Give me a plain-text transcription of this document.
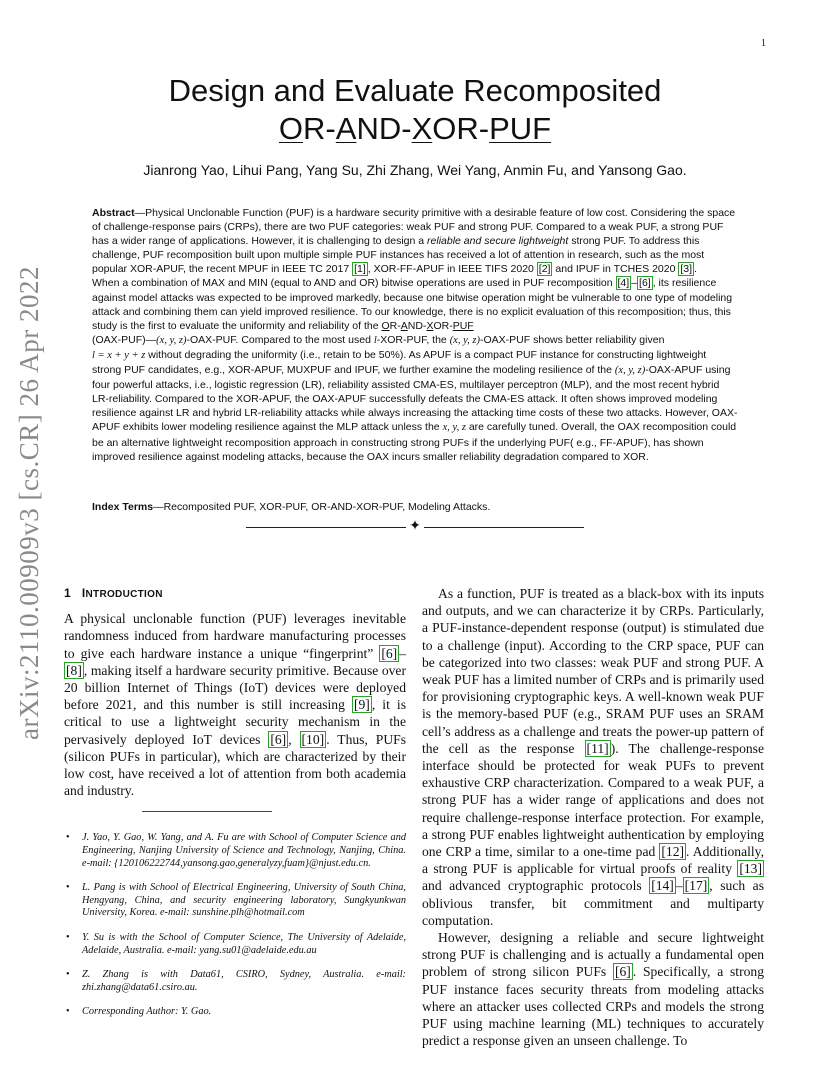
1
arXiv:2110.00909v3 [cs.CR] 26 Apr 2022
Design and Evaluate Recomposited
OR-AND-XOR-PUF
Jianrong Yao, Lihui Pang, Yang Su, Zhi Zhang, Wei Yang, Anmin Fu, and Yansong Gao.

Abstract—Physical Unclonable Function (PUF) is a hardware security primitive with a desirable feature of low cost. Considering the space of challenge-response pairs (CRPs), there are two PUF categories: weak PUF and strong PUF. Compared to a weak PUF, a strong PUF has a wider range of applications. However, it is challenging to design a reliable and secure lightweight strong PUF. To address this challenge, PUF recomposition built upon multiple simple PUF instances has received a lot of attention in research, such as the most popular XOR-APUF, the recent MPUF in IEEE TC 2017 [1] , XOR-FF-APUF in IEEE TIFS 2020 [2] and IPUF in TCHES 2020 [3] .

When a combination of MAX and MIN (equal to AND and OR) bitwise operations are used in PUF recomposition [4] – [6] , its resilience against model attacks was expected to be improved markedly, because one bitwise operation might be vulnerable to one type of modeling attack and combining them can yield improved resilience. To our knowledge, there is no explicit evaluation of this recomposition; thus, this study is the first to evaluate the uniformity and reliability of the OR-AND-XOR-PUF
(OAX-PUF)—(x, y, z)-OAX-PUF. Compared to the most used l-XOR-PUF, the (x, y, z)-OAX-PUF shows better reliability given
l = x + y + z without degrading the uniformity (i.e., retain to be 50%). As APUF is a compact PUF instance for constructing lightweight strong PUF candidates, e.g., XOR-APUF, MUXPUF and IPUF, we further examine the modeling resilience of the (x, y, z)-OAX-APUF using four powerful attacks, i.e., logistic regression (LR), reliability assisted CMA-ES, multilayer perceptron (MLP), and the most recent hybrid LR-reliability. Compared to the XOR-APUF, the OAX-APUF successfully defeats the CMA-ES attack. It often shows improved modeling resilience against LR and hybrid LR-reliability attacks while always increasing the attacking time costs of these two attacks. However, OAX-APUF exhibits lower modeling resilience against the MLP attack unless the x, y, z are carefully tuned. Overall, the OAX recomposition could be an alternative lightweight recomposition approach in constructing strong PUFs if the underlying PUF( e.g., FF-APUF), has shown improved resilience against modeling attacks, because the OAX incurs smaller reliability degradation compared to XOR.

Index Terms—Recomposited PUF, XOR-PUF, OR-AND-XOR-PUF, Modeling Attacks.
✦
1 INTRODUCTION

A physical unclonable function (PUF) leverages inevitable randomness induced from hardware manufacturing processes to give each hardware instance a unique “fingerprint” [6] –[8] , making itself a hardware security primitive. Because over 20 billion Internet of Things (IoT) devices were deployed before 2021, and this number is still increasing [9] , it is critical to use a lightweight security mechanism in the pervasively deployed IoT devices [6] , [10] . Thus, PUFs (silicon PUFs in particular), which are characterized by their low cost, have received a lot of attention from both academia and industry.

• J. Yao, Y. Gao, W. Yang, and A. Fu are with School of Computer Science and Engineering, Nanjing University of Science and Technology, Nanjing, China. e-mail: {120106222744,yansong.gao,generalyzy,fuam}@njust.edu.cn.
• L. Pang is with School of Electrical Engineering, University of South China, Hengyang, China, and security engineering laboratory, Sungkyunkwan University, Korea. e-mail: sunshine.plh@hotmail.com
• Y. Su is with the School of Computer Science, The University of Adelaide, Adelaide, Australia. e-mail: yang.su01@adelaide.edu.au
• Z. Zhang is with Data61, CSIRO, Sydney, Australia. e-mail: zhi.zhang@data61.csiro.au.
• Corresponding Author: Y. Gao.

As a function, PUF is treated as a black-box with its inputs and outputs, and we can characterize it by CRPs. Particularly, a PUF-instance-dependent response (output) is stimulated due to a challenge (input). According to the CRP space, PUF can be categorized into two classes: weak PUF and strong PUF. A weak PUF has a limited number of CRPs and is primarily used for provisioning cryptographic keys. A well-known weak PUF is the memory-based PUF (e.g., SRAM PUF uses an SRAM cell’s address as a challenge and treats the power-up pattern of the cell as the response [11] ). The challenge-response interface should be protected for weak PUFs to prevent exhaustive CRP characterization. Compared to a weak PUF, a strong PUF has a wider range of applications and does not require challenge-response interface protection. For example, a strong PUF enables lightweight authentication by employing one CRP a time, similar to a one-time pad [12] . Additionally, a strong PUF is applicable for virtual proofs of reality [13] and advanced cryptographic protocols [14] – [17] , such as oblivious transfer, bit commitment and multiparty computation.

However, designing a reliable and secure lightweight strong PUF is challenging and is actually a fundamental open problem of strong silicon PUFs [6] . Specifically, a strong PUF instance faces security threats from modeling attacks where an attacker uses collected CRPs and models the strong PUF using machine learning (ML) techniques to accurately predict a response given an unseen challenge. To
